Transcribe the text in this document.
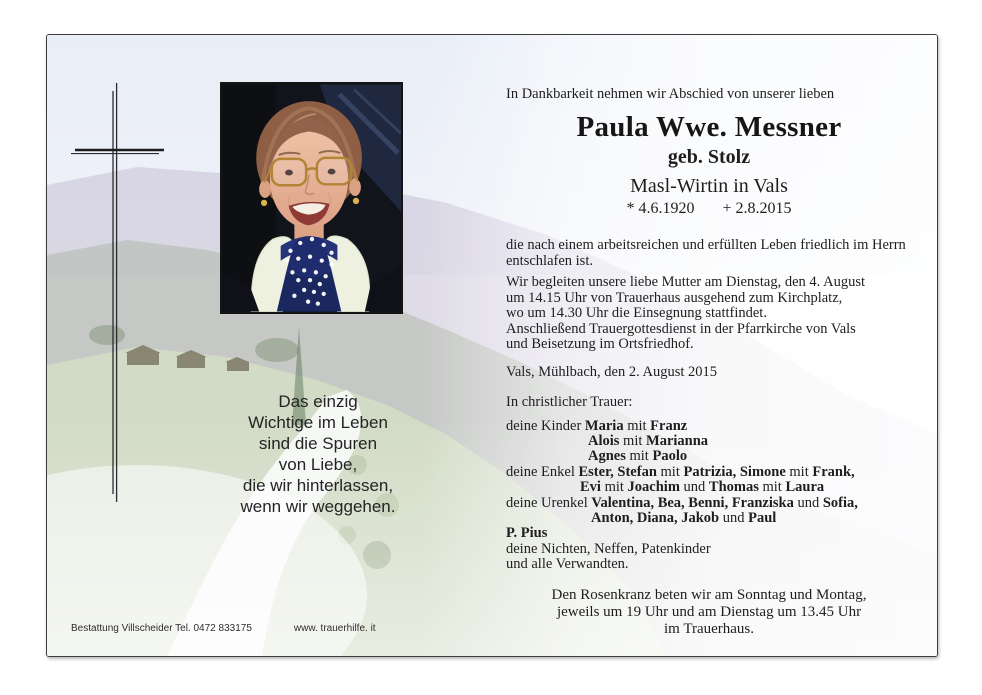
Das einzig
Wichtige im Leben
sind die Spuren
von Liebe,
die wir hinterlassen,
wenn wir weggehen.
Bestattung Villscheider Tel. 0472 833175	www. trauerhilfe. it

In Dankbarkeit nehmen wir Abschied von unserer lieben

Paula Wwe. Messner
geb. Stolz
Masl-Wirtin in Vals
* 4.6.1920 + 2.8.2015

die nach einem arbeitsreichen und erfüllten Leben friedlich im Herrn
entschlafen ist.

Wir begleiten unsere liebe Mutter am Dienstag, den 4. August
um 14.15 Uhr von Trauerhaus ausgehend zum Kirchplatz,
wo um 14.30 Uhr die Einsegnung stattfindet.
Anschließend Trauergottesdienst in der Pfarrkirche von Vals
und Beisetzung im Ortsfriedhof.

Vals, Mühlbach, den 2. August 2015

In christlicher Trauer:

deine Kinder Maria mit Franz
Alois mit Marianna
Agnes mit Paolo
deine Enkel Ester, Stefan mit Patrizia, Simone mit Frank,
Evi mit Joachim und Thomas mit Laura
deine Urenkel Valentina, Bea, Benni, Franziska und Sofia,
Anton, Diana, Jakob und Paul
P. Pius
deine Nichten, Neffen, Patenkinder
und alle Verwandten.
Den Rosenkranz beten wir am Sonntag und Montag,
jeweils um 19 Uhr und am Dienstag um 13.45 Uhr
im Trauerhaus.
